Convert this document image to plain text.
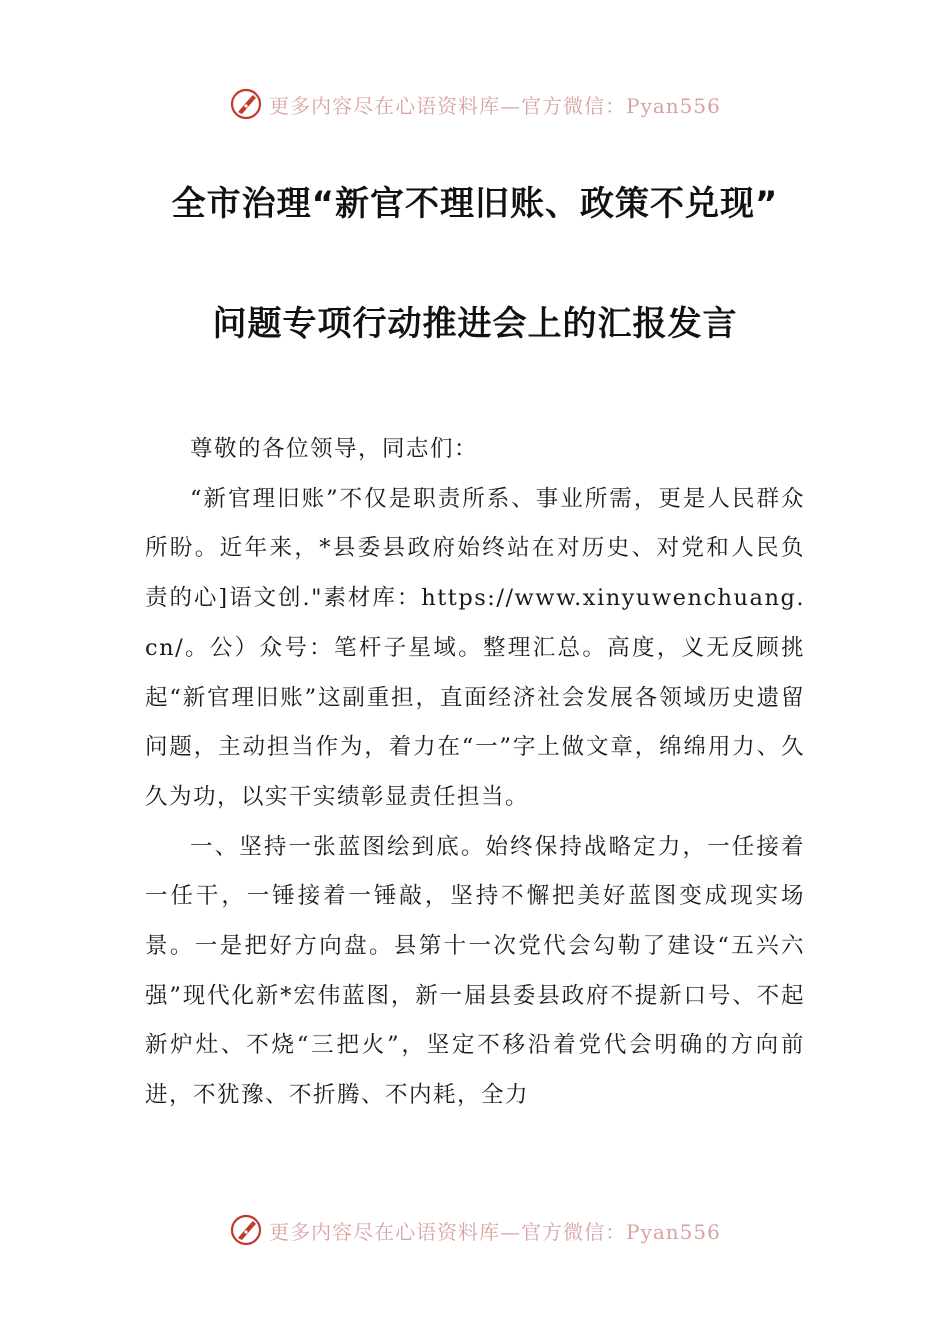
更多内容尽在心语资料库—官方微信：Pyan556
全市治理“新官不理旧账、政策不兑现”
问题专项行动推进会上的汇报发言

尊敬的各位领导，同志们：

“新官理旧账”不仅是职责所系、事业所需，更是人民群众所盼。近年来，*县委县政府始终站在对历史、对党和人民负责的心]语文创."素材库：https://www.xinyuwenchuang.cn/。公）众号：笔杆子星域。整理汇总。高度，义无反顾挑起“新官理旧账”这副重担，直面经济社会发展各领域历史遗留问题，主动担当作为，着力在“一”字上做文章，绵绵用力、久久为功，以实干实绩彰显责任担当。

一、坚持一张蓝图绘到底。始终保持战略定力，一任接着一任干，一锤接着一锤敲，坚持不懈把美好蓝图变成现实场景。一是把好方向盘。县第十一次党代会勾勒了建设“五兴六强”现代化新*宏伟蓝图，新一届县委县政府不提新口号、不起新炉灶、不烧“三把火”，坚定不移沿着党代会明确的方向前进，不犹豫、不折腾、不内耗，全力

更多内容尽在心语资料库—官方微信：Pyan556
